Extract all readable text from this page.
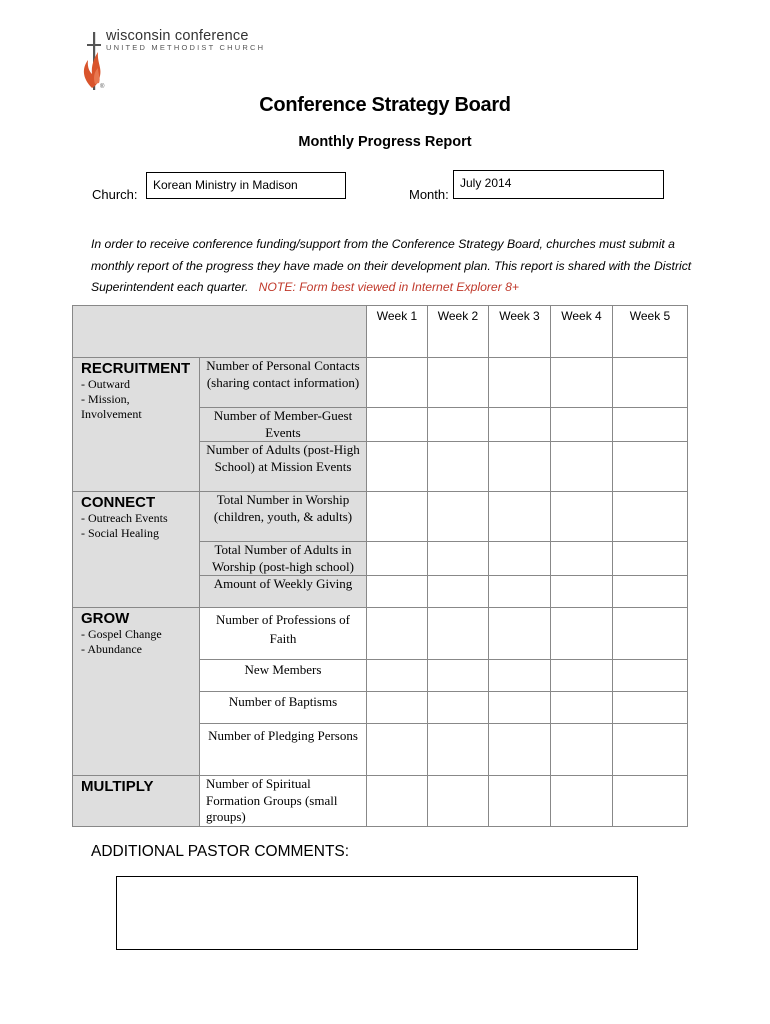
wisconsin conference
UNITED METHODIST CHURCH
®
Conference Strategy Board
Monthly Progress Report
Church:
Korean Ministry in Madison
Month:
July 2014
In order to receive conference funding/support from the Conference Strategy Board, churches must submit a monthly report of the progress they have made on their development plan. This report is shared with the District Superintendent each quarter. NOTE: Form best viewed in Internet Explorer 8+
		Week 1	Week 2	Week 3	Week 4	Week 5

RECRUITMENT
- Outward
- Mission,
Involvement	Number of Personal Contacts (sharing contact information)					
	Number of Member-Guest Events					
	Number of Adults (post-High School) at Mission Events					

CONNECT
- Outreach Events
- Social Healing	Total Number in Worship (children, youth, & adults)					
	Total Number of Adults in Worship (post-high school)					
	Amount of Weekly Giving					

GROW
- Gospel Change
- Abundance	Number of Professions of Faith					
	New Members					
	Number of Baptisms					
	Number of Pledging Persons					

MULTIPLY	Number of Spiritual Formation Groups (small groups)					
ADDITIONAL PASTOR COMMENTS:
